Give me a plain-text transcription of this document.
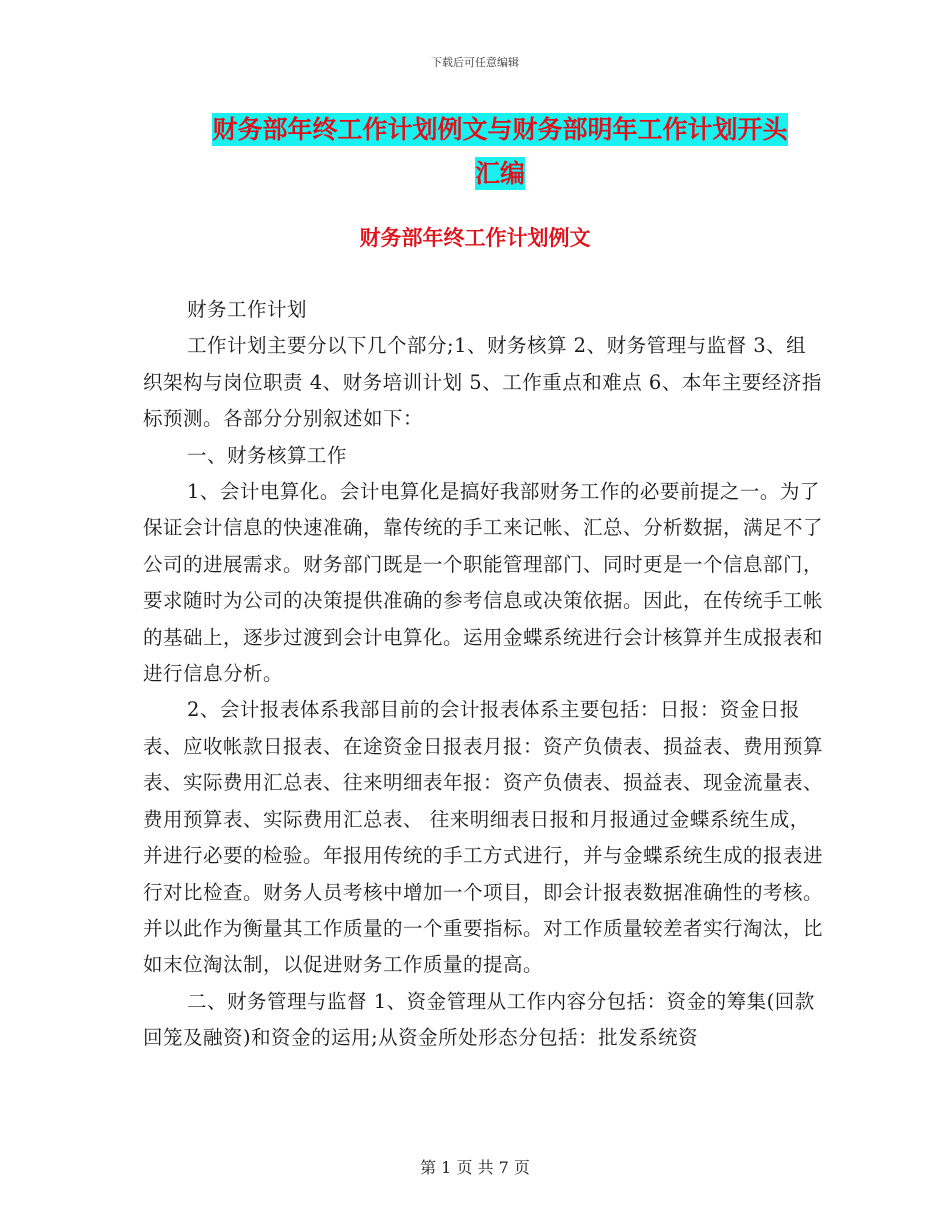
下载后可任意编辑
财务部年终工作计划例文与财务部明年工作计划开头
汇编
财务部年终工作计划例文

财务工作计划

工作计划主要分以下几个部分;1、财务核算 2、财务管理与监督 3、组织架构与岗位职责 4、财务培训计划 5、工作重点和难点 6、本年主要经济指标预测。各部分分别叙述如下：

一、财务核算工作

1、会计电算化。会计电算化是搞好我部财务工作的必要前提之一。为了保证会计信息的快速准确，靠传统的手工来记帐、汇总、分析数据，满足不了公司的进展需求。财务部门既是一个职能管理部门、同时更是一个信息部门，要求随时为公司的决策提供准确的参考信息或决策依据。因此，在传统手工帐的基础上，逐步过渡到会计电算化。运用金蝶系统进行会计核算并生成报表和进行信息分析。

2、会计报表体系我部目前的会计报表体系主要包括：日报：资金日报表、应收帐款日报表、在途资金日报表月报：资产负债表、损益表、费用预算表、实际费用汇总表、往来明细表年报：资产负债表、损益表、现金流量表、费用预算表、实际费用汇总表、 往来明细表日报和月报通过金蝶系统生成，并进行必要的检验。年报用传统的手工方式进行，并与金蝶系统生成的报表进行对比检查。财务人员考核中增加一个项目，即会计报表数据准确性的考核。并以此作为衡量其工作质量的一个重要指标。对工作质量较差者实行淘汰，比如末位淘汰制，以促进财务工作质量的提高。

二、财务管理与监督 1、资金管理从工作内容分包括：资金的筹集(回款回笼及融资)和资金的运用;从资金所处形态分包括：批发系统资

第 1 页 共 7 页
